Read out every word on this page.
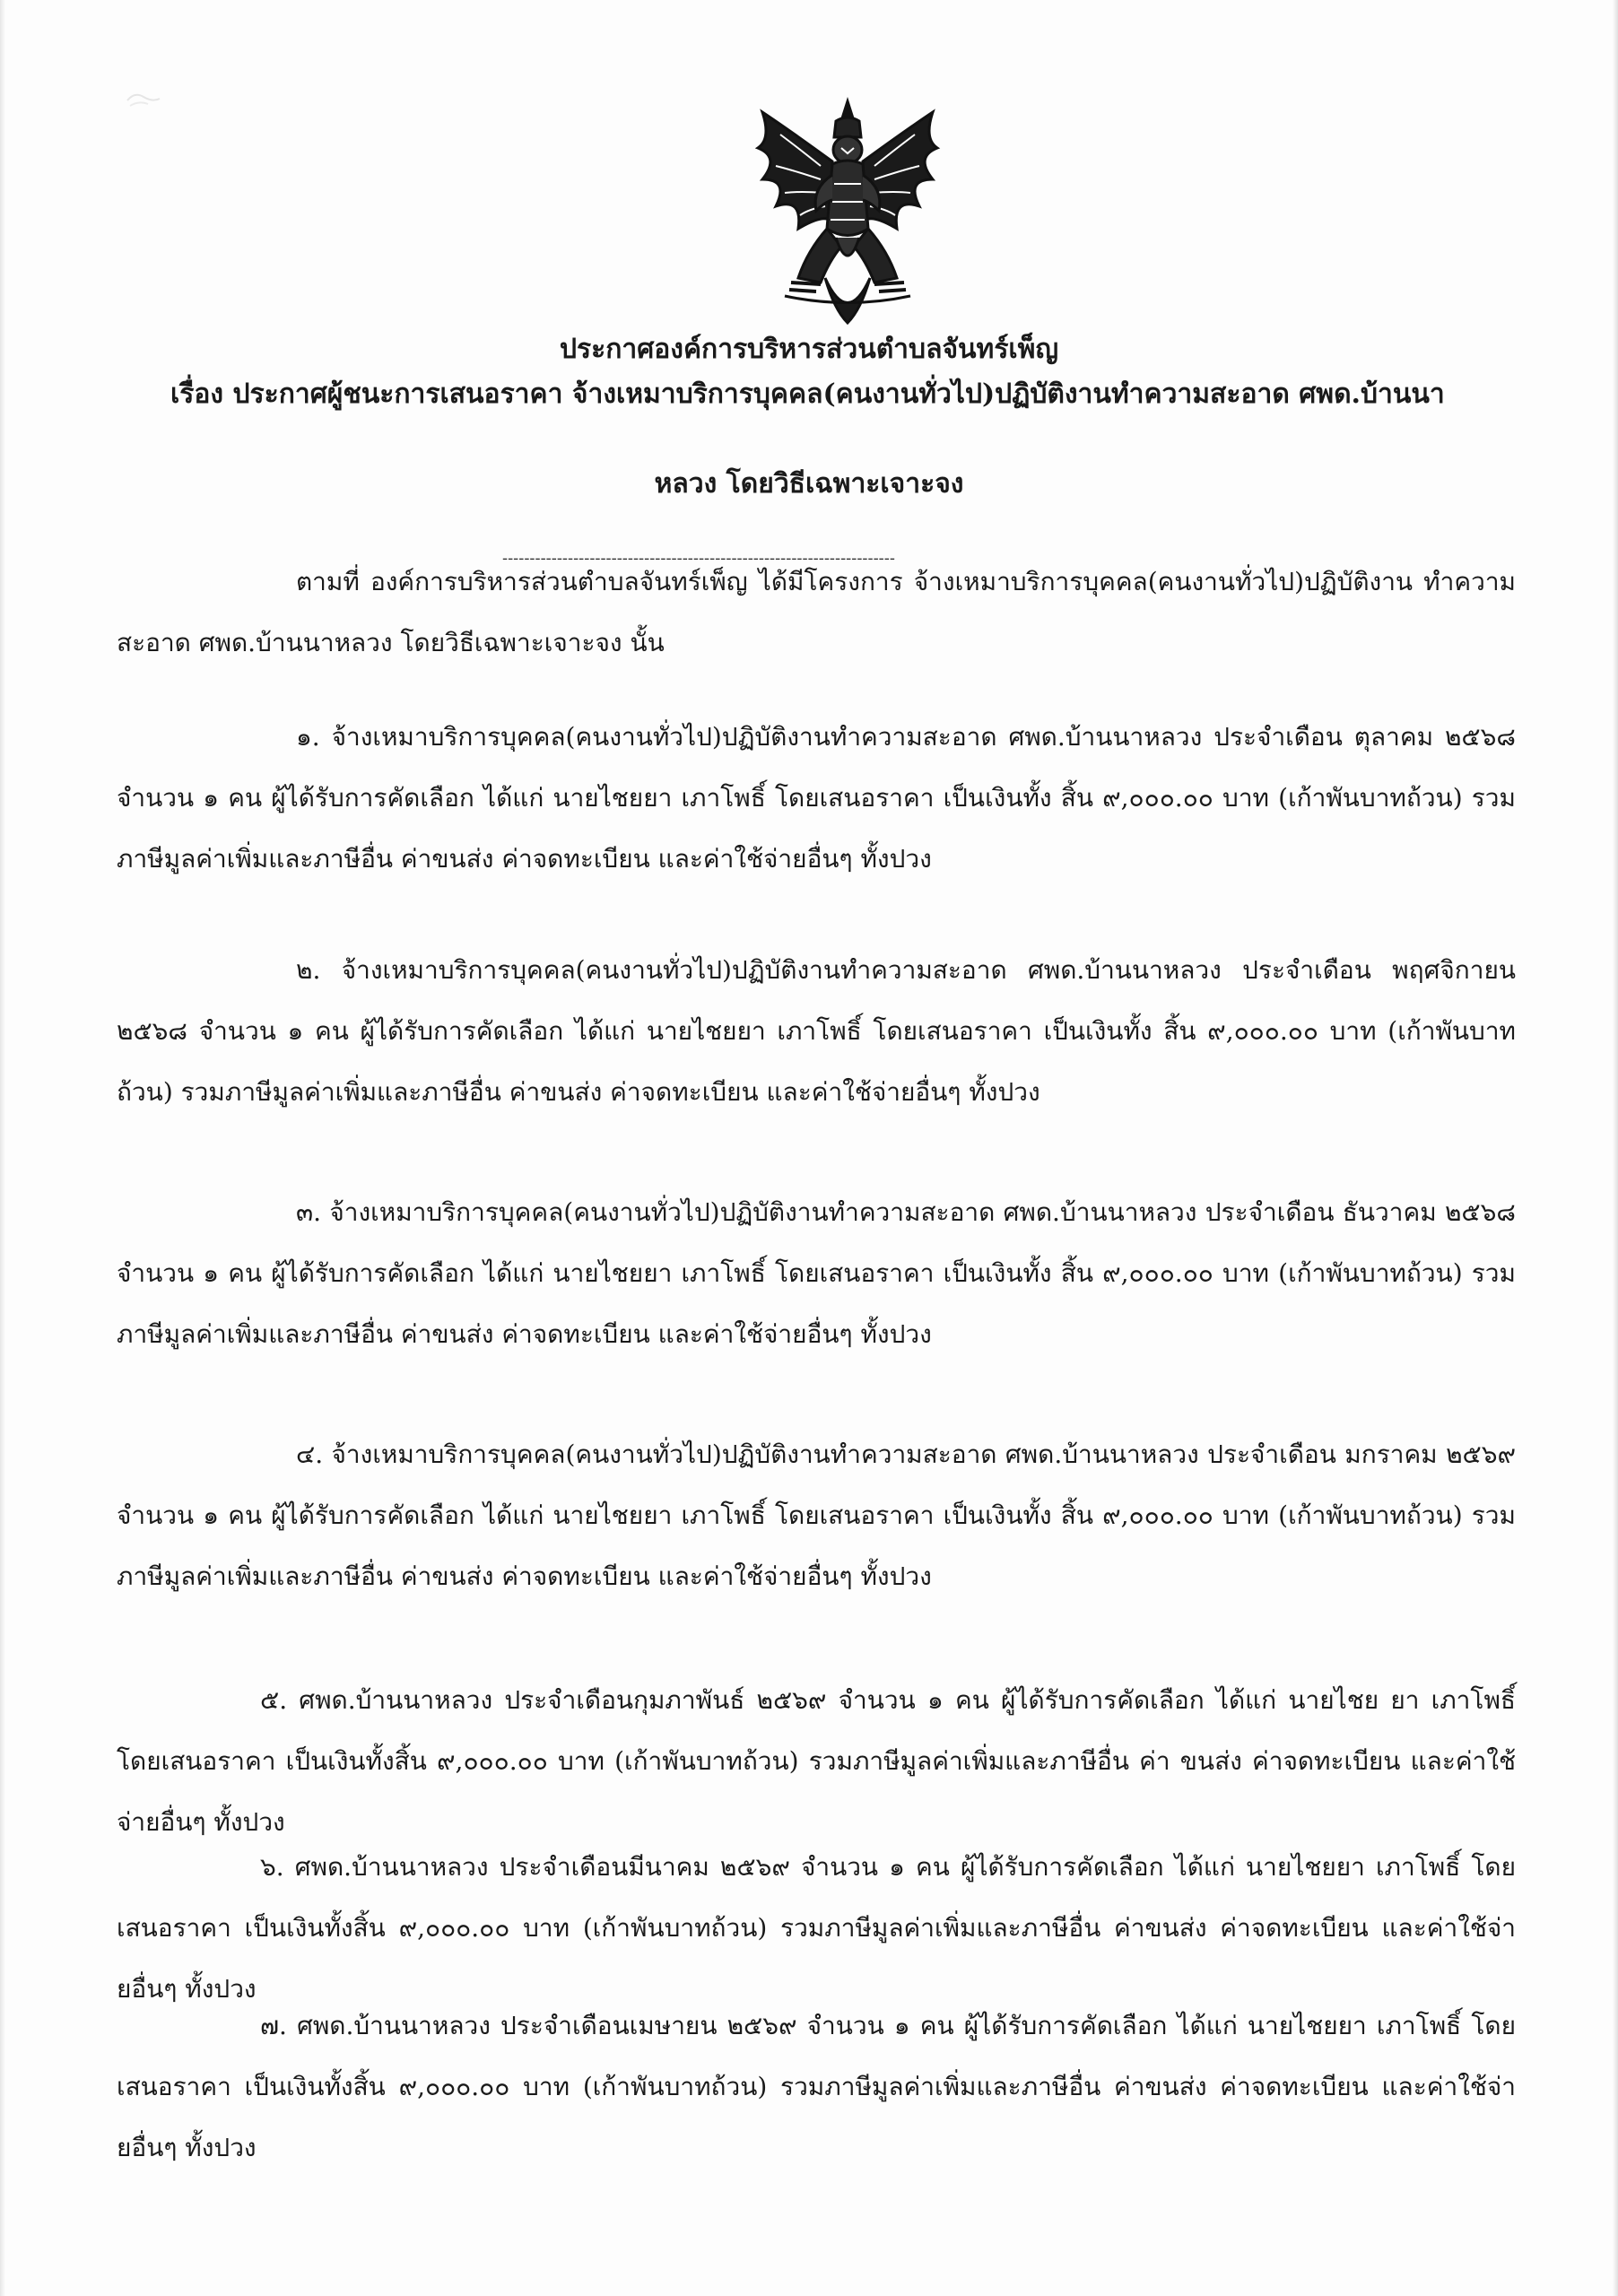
ประกาศองค์การบริหารส่วนตำบลจันทร์เพ็ญ
เรื่อง ประกาศผู้ชนะการเสนอราคา จ้างเหมาบริการบุคคล(คนงานทั่วไป)ปฏิบัติงานทำความสะอาด ศพด.บ้านนา
หลวง โดยวิธีเฉพาะเจาะจง
------------------------------------------------------------------------

ตามที่ องค์การบริหารส่วนตำบลจันทร์เพ็ญ ได้มีโครงการ จ้างเหมาบริการบุคคล(คนงานทั่วไป)ปฏิบัติงาน ทำความสะอาด ศพด.บ้านนาหลวง โดยวิธีเฉพาะเจาะจง นั้น

๑. จ้างเหมาบริการบุคคล(คนงานทั่วไป)ปฏิบัติงานทำความสะอาด ศพด.บ้านนาหลวง ประจำเดือน ตุลาคม ๒๕๖๘ จำนวน ๑ คน ผู้ได้รับการคัดเลือก ได้แก่ นายไชยยา เภาโพธิ์ โดยเสนอราคา เป็นเงินทั้ง สิ้น ๙,๐๐๐.๐๐ บาท (เก้าพันบาทถ้วน) รวมภาษีมูลค่าเพิ่มและภาษีอื่น ค่าขนส่ง ค่าจดทะเบียน และค่าใช้จ่ายอื่นๆ ทั้งปวง

๒. จ้างเหมาบริการบุคคล(คนงานทั่วไป)ปฏิบัติงานทำความสะอาด ศพด.บ้านนาหลวง ประจำเดือน พฤศจิกายน ๒๕๖๘ จำนวน ๑ คน ผู้ได้รับการคัดเลือก ได้แก่ นายไชยยา เภาโพธิ์ โดยเสนอราคา เป็นเงินทั้ง สิ้น ๙,๐๐๐.๐๐ บาท (เก้าพันบาทถ้วน) รวมภาษีมูลค่าเพิ่มและภาษีอื่น ค่าขนส่ง ค่าจดทะเบียน และค่าใช้จ่ายอื่นๆ ทั้งปวง

๓. จ้างเหมาบริการบุคคล(คนงานทั่วไป)ปฏิบัติงานทำความสะอาด ศพด.บ้านนาหลวง ประจำเดือน ธันวาคม ๒๕๖๘ จำนวน ๑ คน ผู้ได้รับการคัดเลือก ได้แก่ นายไชยยา เภาโพธิ์ โดยเสนอราคา เป็นเงินทั้ง สิ้น ๙,๐๐๐.๐๐ บาท (เก้าพันบาทถ้วน) รวมภาษีมูลค่าเพิ่มและภาษีอื่น ค่าขนส่ง ค่าจดทะเบียน และค่าใช้จ่ายอื่นๆ ทั้งปวง

๔. จ้างเหมาบริการบุคคล(คนงานทั่วไป)ปฏิบัติงานทำความสะอาด ศพด.บ้านนาหลวง ประจำเดือน มกราคม ๒๕๖๙ จำนวน ๑ คน ผู้ได้รับการคัดเลือก ได้แก่ นายไชยยา เภาโพธิ์ โดยเสนอราคา เป็นเงินทั้ง สิ้น ๙,๐๐๐.๐๐ บาท (เก้าพันบาทถ้วน) รวมภาษีมูลค่าเพิ่มและภาษีอื่น ค่าขนส่ง ค่าจดทะเบียน และค่าใช้จ่ายอื่นๆ ทั้งปวง

๕. ศพด.บ้านนาหลวง ประจำเดือนกุมภาพันธ์ ๒๕๖๙ จำนวน ๑ คน ผู้ได้รับการคัดเลือก ได้แก่ นายไชย ยา เภาโพธิ์ โดยเสนอราคา เป็นเงินทั้งสิ้น ๙,๐๐๐.๐๐ บาท (เก้าพันบาทถ้วน) รวมภาษีมูลค่าเพิ่มและภาษีอื่น ค่า ขนส่ง ค่าจดทะเบียน และค่าใช้จ่ายอื่นๆ ทั้งปวง

๖. ศพด.บ้านนาหลวง ประจำเดือนมีนาคม ๒๕๖๙ จำนวน ๑ คน ผู้ได้รับการคัดเลือก ได้แก่ นายไชยยา เภาโพธิ์ โดยเสนอราคา เป็นเงินทั้งสิ้น ๙,๐๐๐.๐๐ บาท (เก้าพันบาทถ้วน) รวมภาษีมูลค่าเพิ่มและภาษีอื่น ค่าขนส่ง ค่าจดทะเบียน และค่าใช้จ่ายอื่นๆ ทั้งปวง

๗. ศพด.บ้านนาหลวง ประจำเดือนเมษายน ๒๕๖๙ จำนวน ๑ คน ผู้ได้รับการคัดเลือก ได้แก่ นายไชยยา เภาโพธิ์ โดยเสนอราคา เป็นเงินทั้งสิ้น ๙,๐๐๐.๐๐ บาท (เก้าพันบาทถ้วน) รวมภาษีมูลค่าเพิ่มและภาษีอื่น ค่าขนส่ง ค่าจดทะเบียน และค่าใช้จ่ายอื่นๆ ทั้งปวง
